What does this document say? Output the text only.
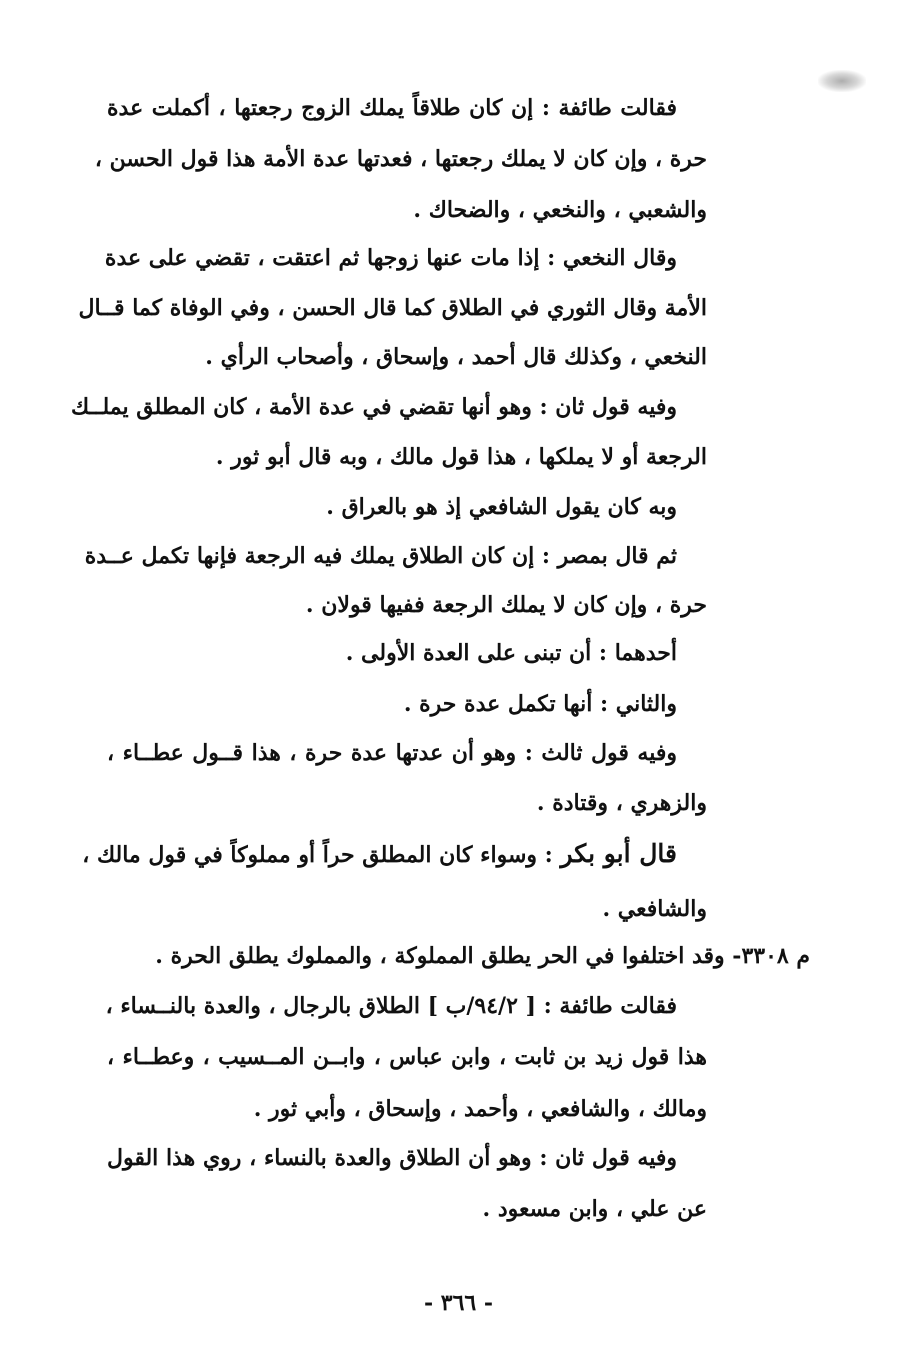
فقالت طائفة : إن كان طلاقاً يملك الزوج رجعتها ، أكملت عدة
حرة ، وإن كان لا يملك رجعتها ، فعدتها عدة الأمة هذا قول الحسن ،
والشعبي ، والنخعي ، والضحاك .
وقال النخعي : إذا مات عنها زوجها ثم اعتقت ، تقضي على عدة
الأمة وقال الثوري في الطلاق كما قال الحسن ، وفي الوفاة كما قــال
النخعي ، وكذلك قال أحمد ، وإسحاق ، وأصحاب الرأي .
وفيه قول ثان : وهو أنها تقضي في عدة الأمة ، كان المطلق يملــك
الرجعة أو لا يملكها ، هذا قول مالك ، وبه قال أبو ثور .
وبه كان يقول الشافعي إذ هو بالعراق .
ثم قال بمصر : إن كان الطلاق يملك فيه الرجعة فإنها تكمل عــدة
حرة ، وإن كان لا يملك الرجعة ففيها قولان .
أحدهما : أن تبنى على العدة الأولى .
والثاني : أنها تكمل عدة حرة .
وفيه قول ثالث : وهو أن عدتها عدة حرة ، هذا قــول عطــاء ،
والزهري ، وقتادة .
قال أبو بكر : وسواء كان المطلق حراً أو مملوكاً في قول مالك ،
والشافعي .
م ٣٣٠٨- وقد اختلفوا في الحر يطلق المملوكة ، والمملوك يطلق الحرة .
فقالت طائفة : [ ٩٤/٢/ب ] الطلاق بالرجال ، والعدة بالنــساء ،
هذا قول زيد بن ثابت ، وابن عباس ، وابــن المــسيب ، وعطــاء ،
ومالك ، والشافعي ، وأحمد ، وإسحاق ، وأبي ثور .
وفيه قول ثان : وهو أن الطلاق والعدة بالنساء ، روي هذا القول
عن علي ، وابن مسعود .
- ٣٦٦ -
